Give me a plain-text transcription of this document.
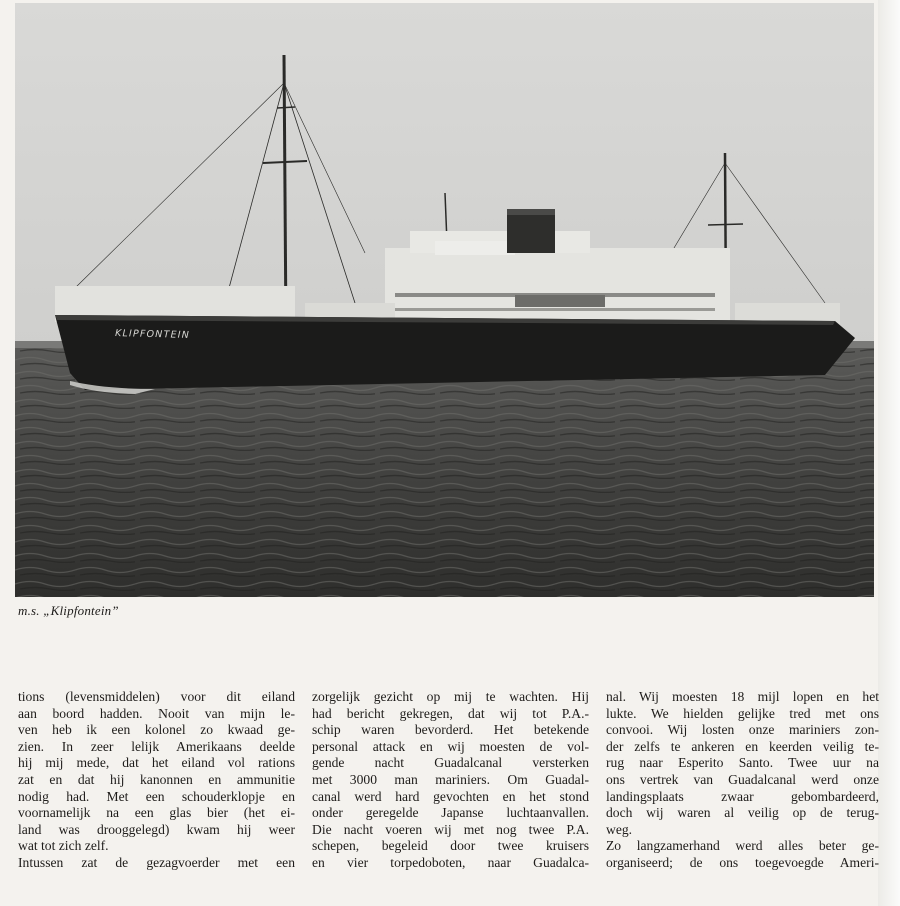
KLIPFONTEIN
m.s. „Klipfontein”
tions (levensmiddelen) voor dit eiland
aan boord hadden. Nooit van mijn le-
ven heb ik een kolonel zo kwaad ge-
zien. In zeer lelijk Amerikaans deelde
hij mij mede, dat het eiland vol rations
zat en dat hij kanonnen en ammunitie
nodig had. Met een schouderklopje en
voornamelijk na een glas bier (het ei-
land was drooggelegd) kwam hij weer
wat tot zich zelf.
Intussen zat de gezagvoerder met een
zorgelijk gezicht op mij te wachten. Hij
had bericht gekregen, dat wij tot P.A.-
schip waren bevorderd. Het betekende
personal attack en wij moesten de vol-
gende nacht Guadalcanal versterken
met 3000 man mariniers. Om Guadal-
canal werd hard gevochten en het stond
onder geregelde Japanse luchtaanvallen.
Die nacht voeren wij met nog twee P.A.
schepen, begeleid door twee kruisers
en vier torpedoboten, naar Guadalca-
nal. Wij moesten 18 mijl lopen en het
lukte. We hielden gelijke tred met ons
convooi. Wij losten onze mariniers zon-
der zelfs te ankeren en keerden veilig te-
rug naar Esperito Santo. Twee uur na
ons vertrek van Guadalcanal werd onze
landingsplaats zwaar gebombardeerd,
doch wij waren al veilig op de terug-
weg.
Zo langzamerhand werd alles beter ge-
organiseerd; de ons toegevoegde Ameri-
